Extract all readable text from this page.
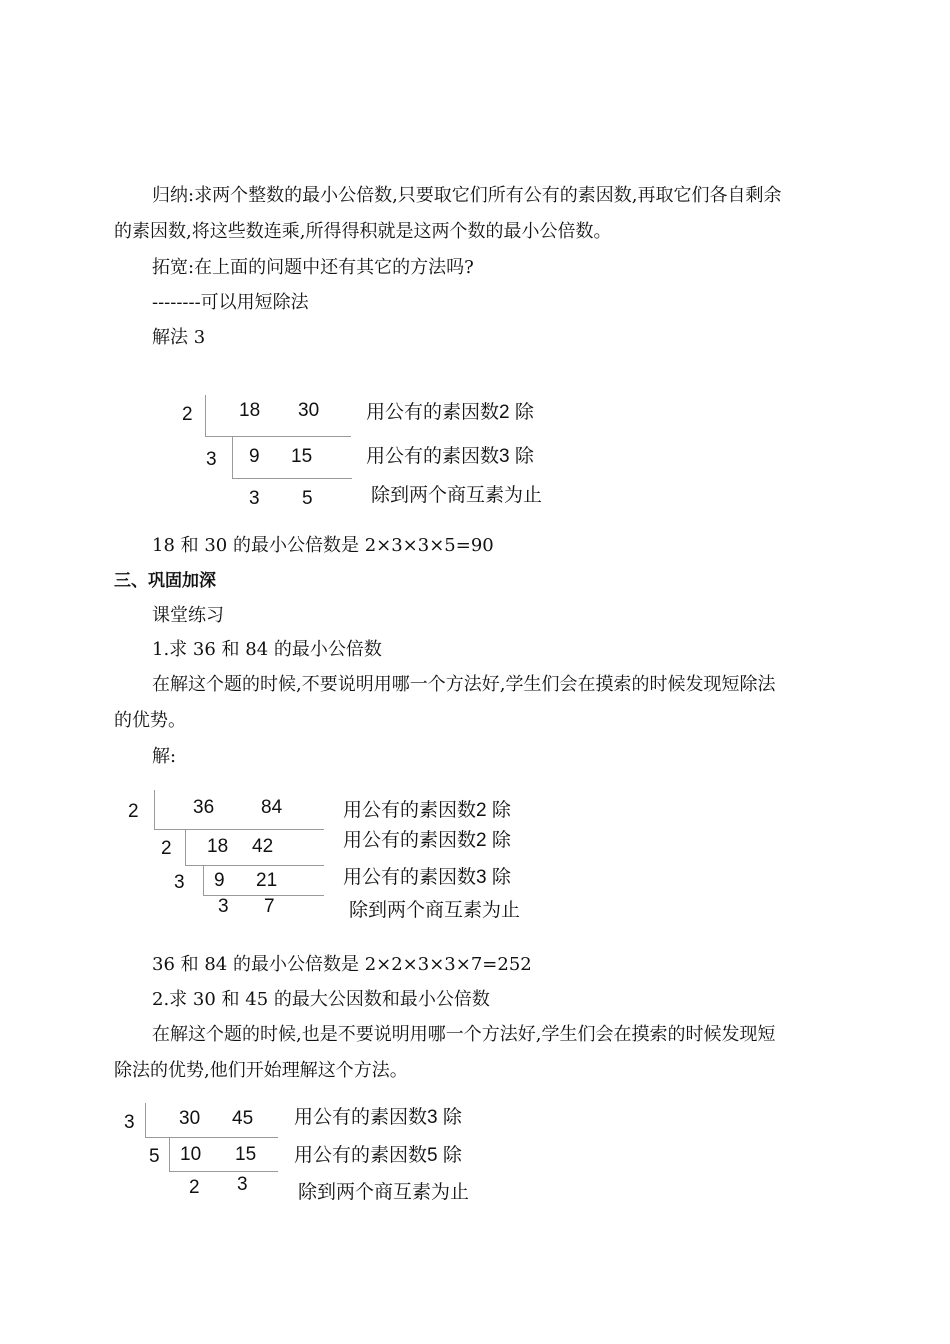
归纳:求两个整数的最小公倍数,只要取它们所有公有的素因数,再取它们各自剩余
的素因数,将这些数连乘,所得得积就是这两个数的最小公倍数。
拓宽:在上面的问题中还有其它的方法吗?
--------可以用短除法
解法 3
2 18 30
3 9 15
3 5
用公有的素因数2 除
用公有的素因数3 除
除到两个商互素为止
18 和 30 的最小公倍数是 2×3×3×5=90
三、巩固加深
课堂练习
1.求 36 和 84 的最小公倍数
在解这个题的时候,不要说明用哪一个方法好,学生们会在摸索的时候发现短除法
的优势。
解:
2	36 84
2 18 42
3 9 21
3 7
用公有的素因数2 除
用公有的素因数2 除
用公有的素因数3 除
除到两个商互素为止
36 和 84 的最小公倍数是 2×2×3×3×7=252
2.求 30 和 45 的最大公因数和最小公倍数
在解这个题的时候,也是不要说明用哪一个方法好,学生们会在摸索的时候发现短
除法的优势,他们开始理解这个方法。
3 30 45
5 10 15
2 3
用公有的素因数3 除
用公有的素因数5 除
除到两个商互素为止
